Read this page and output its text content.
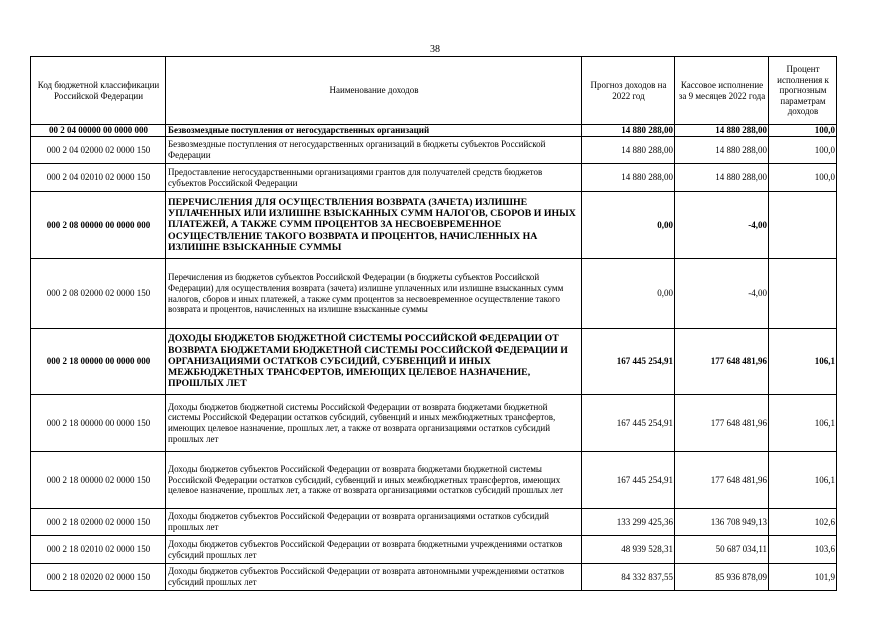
38
Код бюджетной классификации Российской Федерации	Наименование доходов	Прогноз доходов на 2022 год	Кассовое исполнение за 9 месяцев 2022 года	Процент исполнения к прогнозным параметрам доходов
00 2 04 00000 00 0000 000	Безвозмездные поступления от негосударственных организаций	14 880 288,00	14 880 288,00	100,0
000 2 04 02000 02 0000 150	Безвозмездные поступления от негосударственных организаций в бюджеты субъектов Российской Федерации	14 880 288,00	14 880 288,00	100,0
000 2 04 02010 02 0000 150	Предоставление негосударственными организациями грантов для получателей средств бюджетов субъектов Российской Федерации	14 880 288,00	14 880 288,00	100,0
000 2 08 00000 00 0000 000	ПЕРЕЧИСЛЕНИЯ ДЛЯ ОСУЩЕСТВЛЕНИЯ ВОЗВРАТА (ЗАЧЕТА) ИЗЛИШНЕ УПЛАЧЕННЫХ ИЛИ ИЗЛИШНЕ ВЗЫСКАННЫХ СУММ НАЛОГОВ, СБОРОВ И ИНЫХ ПЛАТЕЖЕЙ, А ТАКЖЕ СУММ ПРОЦЕНТОВ ЗА НЕСВОЕВРЕМЕННОЕ ОСУЩЕСТВЛЕНИЕ ТАКОГО ВОЗВРАТА И ПРОЦЕНТОВ, НАЧИСЛЕННЫХ НА ИЗЛИШНЕ ВЗЫСКАННЫЕ СУММЫ	0,00	-4,00	
000 2 08 02000 02 0000 150	Перечисления из бюджетов субъектов Российской Федерации (в бюджеты субъектов Российской Федерации) для осуществления возврата (зачета) излишне уплаченных или излишне взысканных сумм налогов, сборов и иных платежей, а также сумм процентов за несвоевременное осуществление такого возврата и процентов, начисленных на излишне взысканные суммы	0,00	-4,00	
000 2 18 00000 00 0000 000	ДОХОДЫ БЮДЖЕТОВ БЮДЖЕТНОЙ СИСТЕМЫ РОССИЙСКОЙ ФЕДЕРАЦИИ ОТ ВОЗВРАТА БЮДЖЕТАМИ БЮДЖЕТНОЙ СИСТЕМЫ РОССИЙСКОЙ ФЕДЕРАЦИИ И ОРГАНИЗАЦИЯМИ ОСТАТКОВ СУБСИДИЙ, СУБВЕНЦИЙ И ИНЫХ МЕЖБЮДЖЕТНЫХ ТРАНСФЕРТОВ, ИМЕЮЩИХ ЦЕЛЕВОЕ НАЗНАЧЕНИЕ, ПРОШЛЫХ ЛЕТ	167 445 254,91	177 648 481,96	106,1
000 2 18 00000 00 0000 150	Доходы бюджетов бюджетной системы Российской Федерации от возврата бюджетами бюджетной системы Российской Федерации остатков субсидий, субвенций и иных межбюджетных трансфертов, имеющих целевое назначение, прошлых лет, а также от возврата организациями остатков субсидий прошлых лет	167 445 254,91	177 648 481,96	106,1
000 2 18 00000 02 0000 150	Доходы бюджетов субъектов Российской Федерации от возврата бюджетами бюджетной системы Российской Федерации остатков субсидий, субвенций и иных межбюджетных трансфертов, имеющих целевое назначение, прошлых лет, а также от возврата организациями остатков субсидий прошлых лет	167 445 254,91	177 648 481,96	106,1
000 2 18 02000 02 0000 150	Доходы бюджетов субъектов Российской Федерации от возврата организациями остатков субсидий прошлых лет	133 299 425,36	136 708 949,13	102,6
000 2 18 02010 02 0000 150	Доходы бюджетов субъектов Российской Федерации от возврата бюджетными учреждениями остатков субсидий прошлых лет	48 939 528,31	50 687 034,11	103,6
000 2 18 02020 02 0000 150	Доходы бюджетов субъектов Российской Федерации от возврата автономными учреждениями остатков субсидий прошлых лет	84 332 837,55	85 936 878,09	101,9
